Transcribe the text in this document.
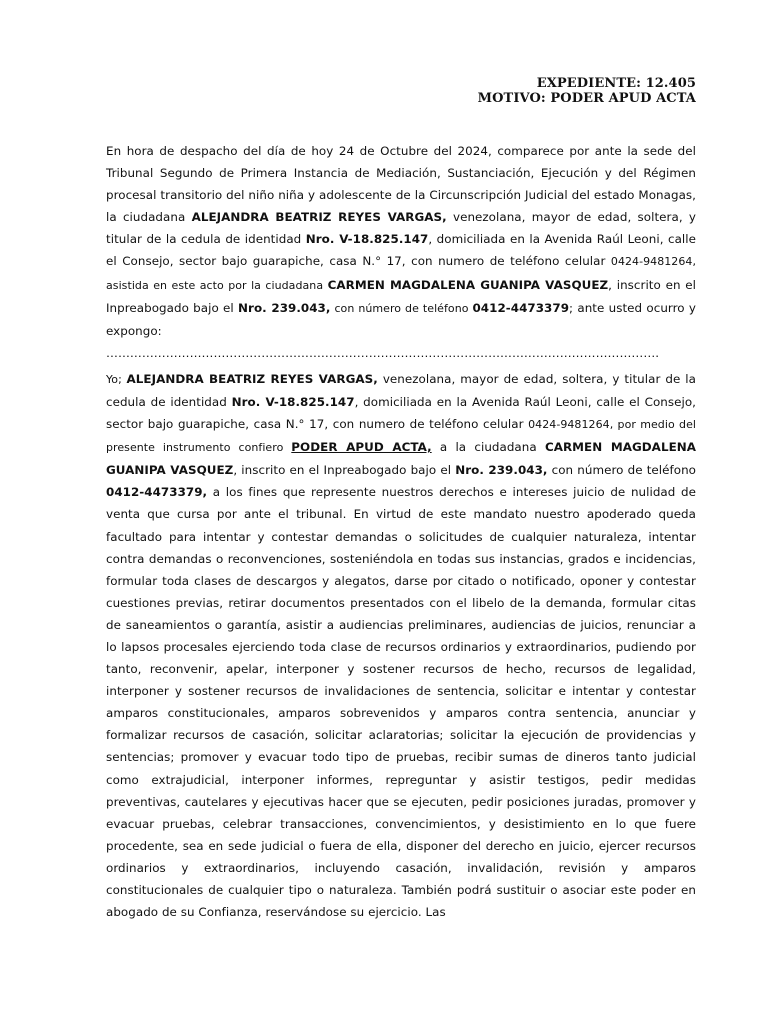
EXPEDIENTE: 12.405
MOTIVO: PODER APUD ACTA

En hora de despacho del día de hoy 24 de Octubre del 2024, comparece por ante la sede del Tribunal Segundo de Primera Instancia de Mediación, Sustanciación, Ejecución y del Régimen procesal transitorio del niño niña y adolescente de la Circunscripción Judicial del estado Monagas, la ciudadana ALEJANDRA BEATRIZ REYES VARGAS, venezolana, mayor de edad, soltera, y titular de la cedula de identidad Nro. V-18.825.147, domiciliada en la Avenida Raúl Leoni, calle el Consejo, sector bajo guarapiche, casa N.° 17, con numero de teléfono celular 0424-9481264, asistida en este acto por la ciudadana CARMEN MAGDALENA GUANIPA VASQUEZ, inscrito en el Inpreabogado bajo el Nro. 239.043, con número de teléfono 0412-4473379; ante usted ocurro y expongo:
………………………………………………………………………………………………………………………….

Yo; ALEJANDRA BEATRIZ REYES VARGAS, venezolana, mayor de edad, soltera, y titular de la cedula de identidad Nro. V-18.825.147, domiciliada en la Avenida Raúl Leoni, calle el Consejo, sector bajo guarapiche, casa N.° 17, con numero de teléfono celular 0424-9481264, por medio del presente instrumento confiero PODER APUD ACTA, a la ciudadana CARMEN MAGDALENA GUANIPA VASQUEZ, inscrito en el Inpreabogado bajo el Nro. 239.043, con número de teléfono 0412-4473379, a los fines que represente nuestros derechos e intereses juicio de nulidad de venta que cursa por ante el tribunal. En virtud de este mandato nuestro apoderado queda facultado para intentar y contestar demandas o solicitudes de cualquier naturaleza, intentar contra demandas o reconvenciones, sosteniéndola en todas sus instancias, grados e incidencias, formular toda clases de descargos y alegatos, darse por citado o notificado, oponer y contestar cuestiones previas, retirar documentos presentados con el libelo de la demanda, formular citas de saneamientos o garantía, asistir a audiencias preliminares, audiencias de juicios, renunciar a lo lapsos procesales ejerciendo toda clase de recursos ordinarios y extraordinarios, pudiendo por tanto, reconvenir, apelar, interponer y sostener recursos de hecho, recursos de legalidad, interponer y sostener recursos de invalidaciones de sentencia, solicitar e intentar y contestar amparos constitucionales, amparos sobrevenidos y amparos contra sentencia, anunciar y formalizar recursos de casación, solicitar aclaratorias; solicitar la ejecución de providencias y sentencias; promover y evacuar todo tipo de pruebas, recibir sumas de dineros tanto judicial como extrajudicial, interponer informes, repreguntar y asistir testigos, pedir medidas preventivas, cautelares y ejecutivas hacer que se ejecuten, pedir posiciones juradas, promover y evacuar pruebas, celebrar transacciones, convencimientos, y desistimiento en lo que fuere procedente, sea en sede judicial o fuera de ella, disponer del derecho en juicio, ejercer recursos ordinarios y extraordinarios, incluyendo casación, invalidación, revisión y amparos constitucionales de cualquier tipo o naturaleza. También podrá sustituir o asociar este poder en abogado de su Confianza, reservándose su ejercicio. Las
